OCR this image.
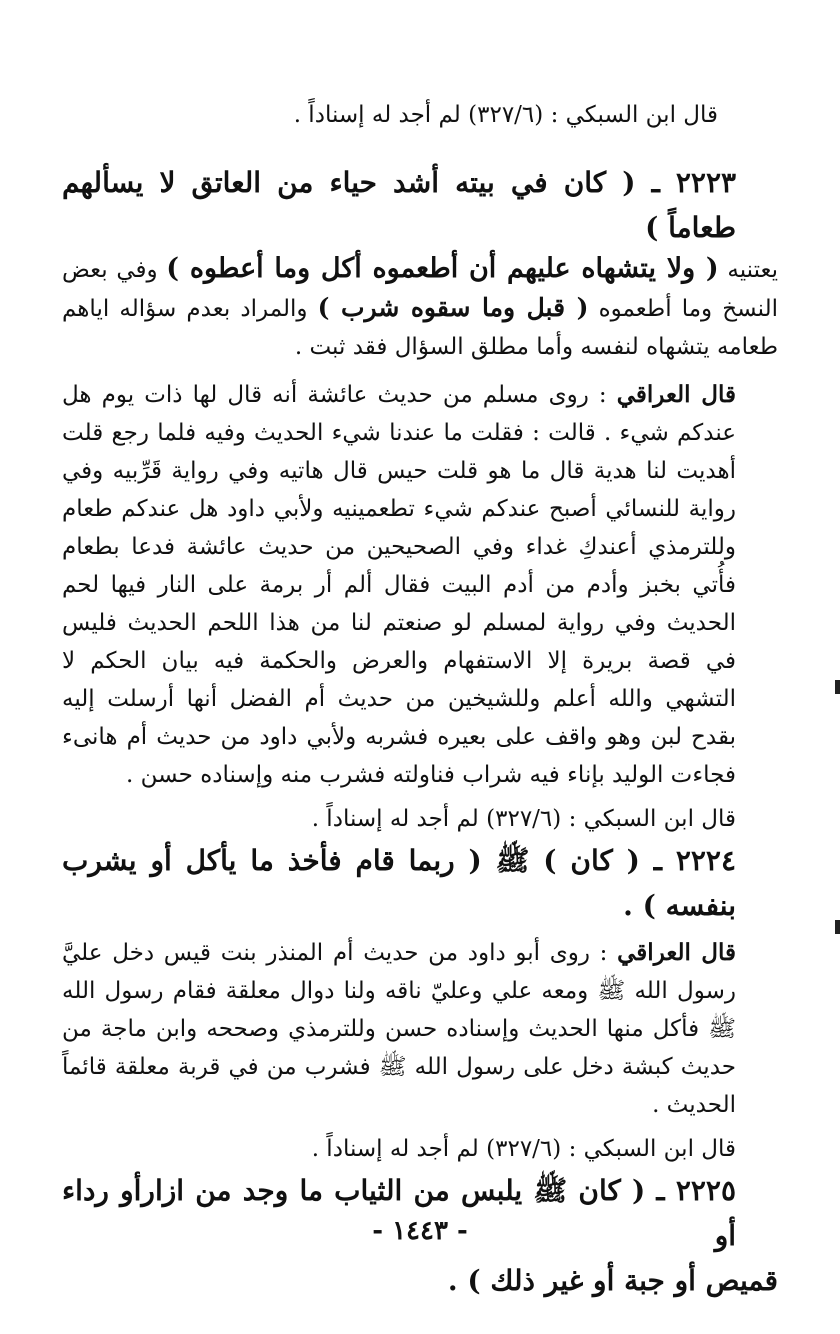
قال ابن السبكي : (٣٢٧/٦) لم أجد له إسناداً .

٢٢٢٣ ـ ( كان في بيته أشد حياء من العاتق لا يسألهم طعاماً )

يعتنيه ( ولا يتشهاه عليهم أن أطعموه أكل وما أعطوه ) وفي بعض النسخ وما أطعموه ( قبل وما سقوه شرب ) والمراد بعدم سؤاله اياهم طعامه يتشهاه لنفسه وأما مطلق السؤال فقد ثبت .

قال العراقي : روى مسلم من حديث عائشة أنه قال لها ذات يوم هل عندكم شيء . قالت : فقلت ما عندنا شيء الحديث وفيه فلما رجع قلت أهديت لنا هدية قال ما هو قلت حيس قال هاتيه وفي رواية قَرِّبيه وفي رواية للنسائي أصبح عندكم شيء تطعمينيه ولأبي داود هل عندكم طعام وللترمذي أعندكِ غداء وفي الصحيحين من حديث عائشة فدعا بطعام فأُتي بخبز وأدم من أدم البيت فقال ألم أر برمة على النار فيها لحم الحديث وفي رواية لمسلم لو صنعتم لنا من هذا اللحم الحديث فليس في قصة بريرة إلا الاستفهام والعرض والحكمة فيه بيان الحكم لا التشهي والله أعلم وللشيخين من حديث أم الفضل أنها أرسلت إليه بقدح لبن وهو واقف على بعيره فشربه ولأبي داود من حديث أم هانىء فجاءت الوليد بإناء فيه شراب فناولته فشرب منه وإسناده حسن .

قال ابن السبكي : (٣٢٧/٦) لم أجد له إسناداً .

٢٢٢٤ ـ ( كان ) ﷺ ( ربما قام فأخذ ما يأكل أو يشرب بنفسه ) .

قال العراقي : روى أبو داود من حديث أم المنذر بنت قيس دخل عليَّ رسول الله ﷺ ومعه علي وعليّ ناقه ولنا دوال معلقة فقام رسول الله ﷺ فأكل منها الحديث وإسناده حسن وللترمذي وصححه وابن ماجة من حديث كبشة دخل على رسول الله ﷺ فشرب من في قربة معلقة قائماً الحديث .

قال ابن السبكي : (٣٢٧/٦) لم أجد له إسناداً .

٢٢٢٥ ـ ( كان ﷺ يلبس من الثياب ما وجد من ازارأو رداء أو

قميص أو جبة أو غير ذلك ) .

- ١٤٤٣ -
